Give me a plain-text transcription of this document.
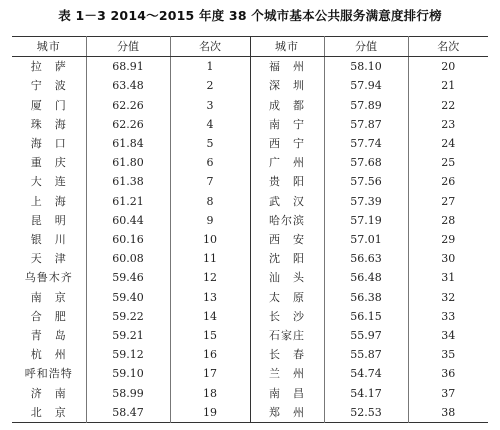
表 1－3 2014～2015 年度 38 个城市基本公共服务满意度排行榜
城市	分值	名次	城市	分值	名次
拉　萨	68.91	1	福　州	58.10	20
宁　波	63.48	2	深　圳	57.94	21
厦　门	62.26	3	成　都	57.89	22
珠　海	62.26	4	南　宁	57.87	23
海　口	61.84	5	西　宁	57.74	24
重　庆	61.80	6	广　州	57.68	25
大　连	61.38	7	贵　阳	57.56	26
上　海	61.21	8	武　汉	57.39	27
昆　明	60.44	9	哈尔滨	57.19	28
银　川	60.16	10	西　安	57.01	29
天　津	60.08	11	沈　阳	56.63	30
乌鲁木齐	59.46	12	汕　头	56.48	31
南　京	59.40	13	太　原	56.38	32
合　肥	59.22	14	长　沙	56.15	33
青　岛	59.21	15	石家庄	55.97	34
杭　州	59.12	16	长　春	55.87	35
呼和浩特	59.10	17	兰　州	54.74	36
济　南	58.99	18	南　昌	54.17	37
北　京	58.47	19	郑　州	52.53	38
